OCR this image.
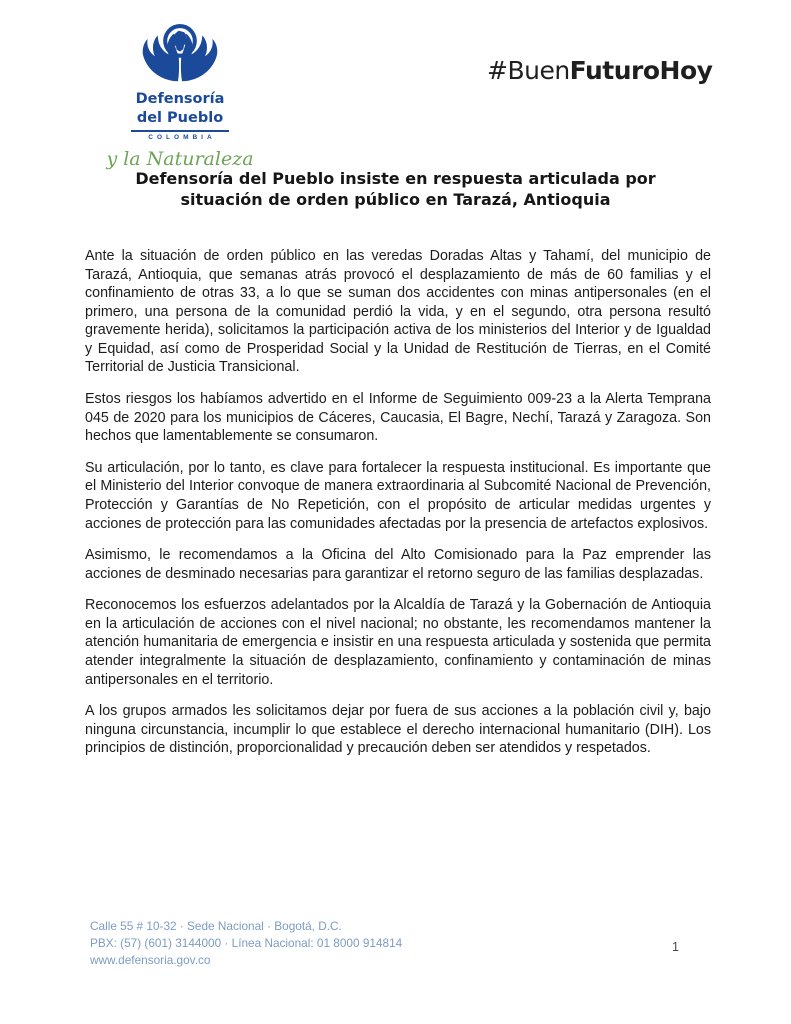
Defensoría
del Pueblo
COLOMBIA
y la Naturaleza
#BuenFuturoHoy
Defensoría del Pueblo insiste en respuesta articulada por situación de orden público en Tarazá, Antioquia

Ante la situación de orden público en las veredas Doradas Altas y Tahamí, del municipio de Tarazá, Antioquia, que semanas atrás provocó el desplazamiento de más de 60 familias y el confinamiento de otras 33, a lo que se suman dos accidentes con minas antipersonales (en el primero, una persona de la comunidad perdió la vida, y en el segundo, otra persona resultó gravemente herida), solicitamos la participación activa de los ministerios del Interior y de Igualdad y Equidad, así como de Prosperidad Social y la Unidad de Restitución de Tierras, en el Comité Territorial de Justicia Transicional.

Estos riesgos los habíamos advertido en el Informe de Seguimiento 009-23 a la Alerta Temprana 045 de 2020 para los municipios de Cáceres, Caucasia, El Bagre, Nechí, Tarazá y Zaragoza. Son hechos que lamentablemente se consumaron.

Su articulación, por lo tanto, es clave para fortalecer la respuesta institucional. Es importante que el Ministerio del Interior convoque de manera extraordinaria al Subcomité Nacional de Prevención, Protección y Garantías de No Repetición, con el propósito de articular medidas urgentes y acciones de protección para las comunidades afectadas por la presencia de artefactos explosivos.

Asimismo, le recomendamos a la Oficina del Alto Comisionado para la Paz emprender las acciones de desminado necesarias para garantizar el retorno seguro de las familias desplazadas.

Reconocemos los esfuerzos adelantados por la Alcaldía de Tarazá y la Gobernación de Antioquia en la articulación de acciones con el nivel nacional; no obstante, les recomendamos mantener la atención humanitaria de emergencia e insistir en una respuesta articulada y sostenida que permita atender integralmente la situación de desplazamiento, confinamiento y contaminación de minas antipersonales en el territorio.

A los grupos armados les solicitamos dejar por fuera de sus acciones a la población civil y, bajo ninguna circunstancia, incumplir lo que establece el derecho internacional humanitario (DIH). Los principios de distinción, proporcionalidad y precaución deben ser atendidos y respetados.

Calle 55 # 10-32 · Sede Nacional · Bogotá, D.C.
PBX: (57) (601) 3144000 · Línea Nacional: 01 8000 914814
www.defensoria.gov.co
1
